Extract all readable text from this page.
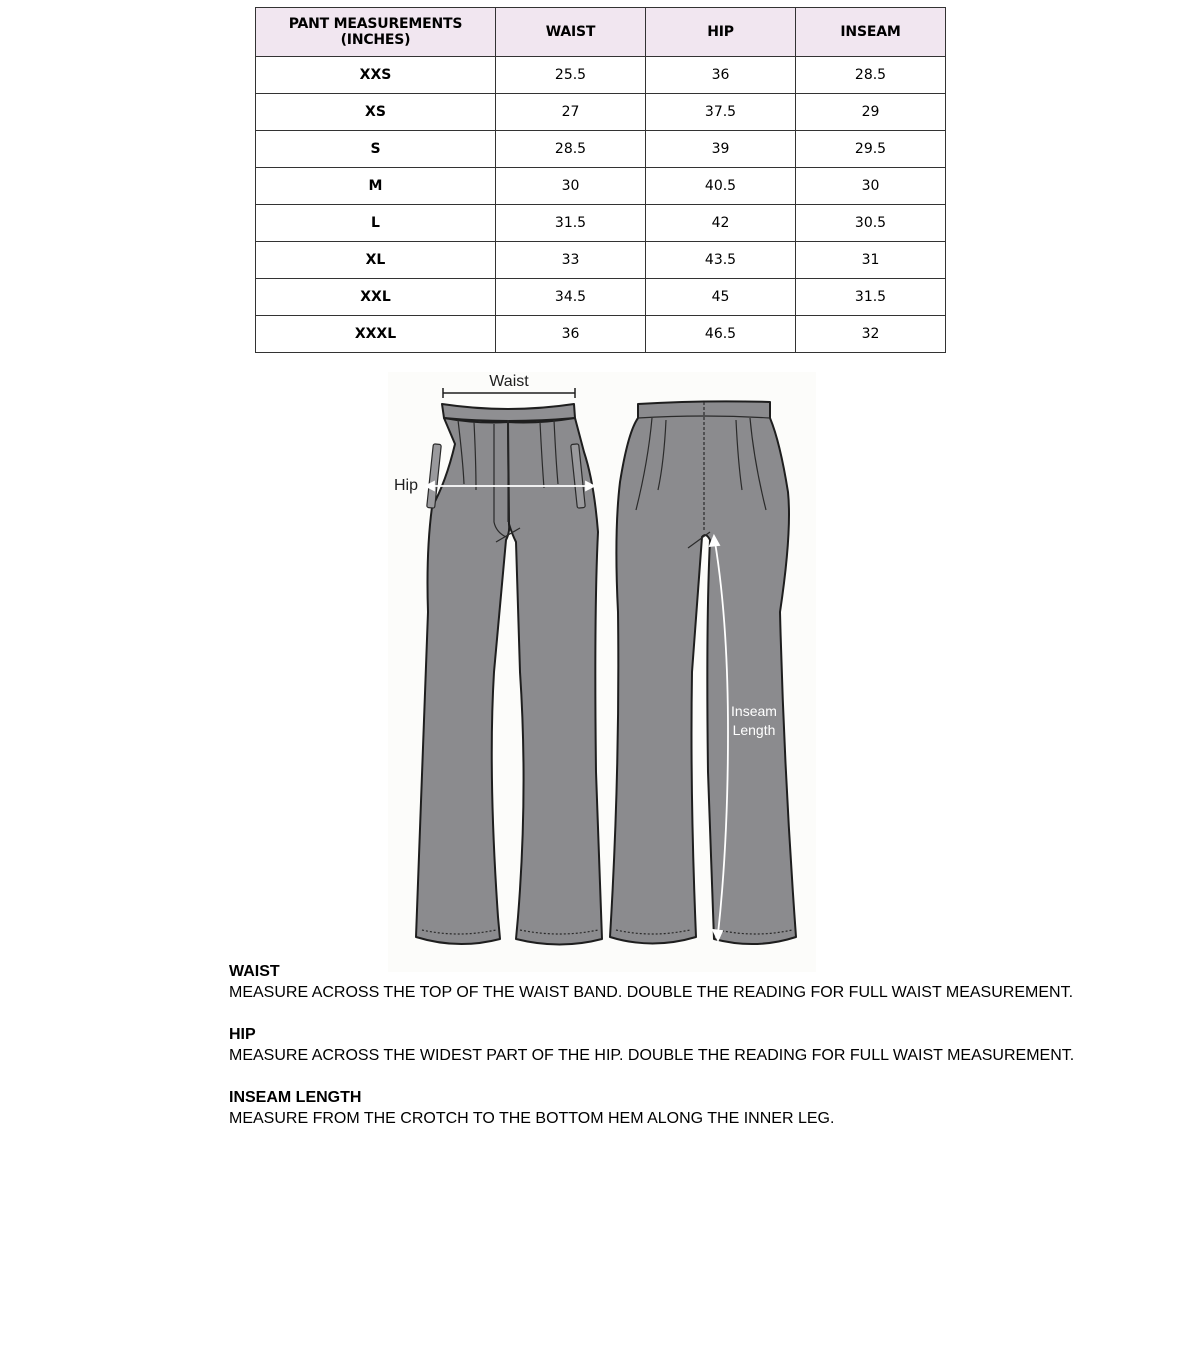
PANT MEASUREMENTS (INCHES)	WAIST	HIP	INSEAM
XXS	25.5	36	28.5
XS	27	37.5	29
S	28.5	39	29.5
M	30	40.5	30
L	31.5	42	30.5
XL	33	43.5	31
XXL	34.5	45	31.5
XXXL	36	46.5	32
Waist
Hip
Inseam
Length
WAIST
MEASURE ACROSS THE TOP OF THE WAIST BAND. DOUBLE THE READING FOR FULL WAIST MEASUREMENT.
HIP
MEASURE ACROSS THE WIDEST PART OF THE HIP. DOUBLE THE READING FOR FULL WAIST MEASUREMENT.
INSEAM LENGTH
MEASURE FROM THE CROTCH TO THE BOTTOM HEM ALONG THE INNER LEG.
